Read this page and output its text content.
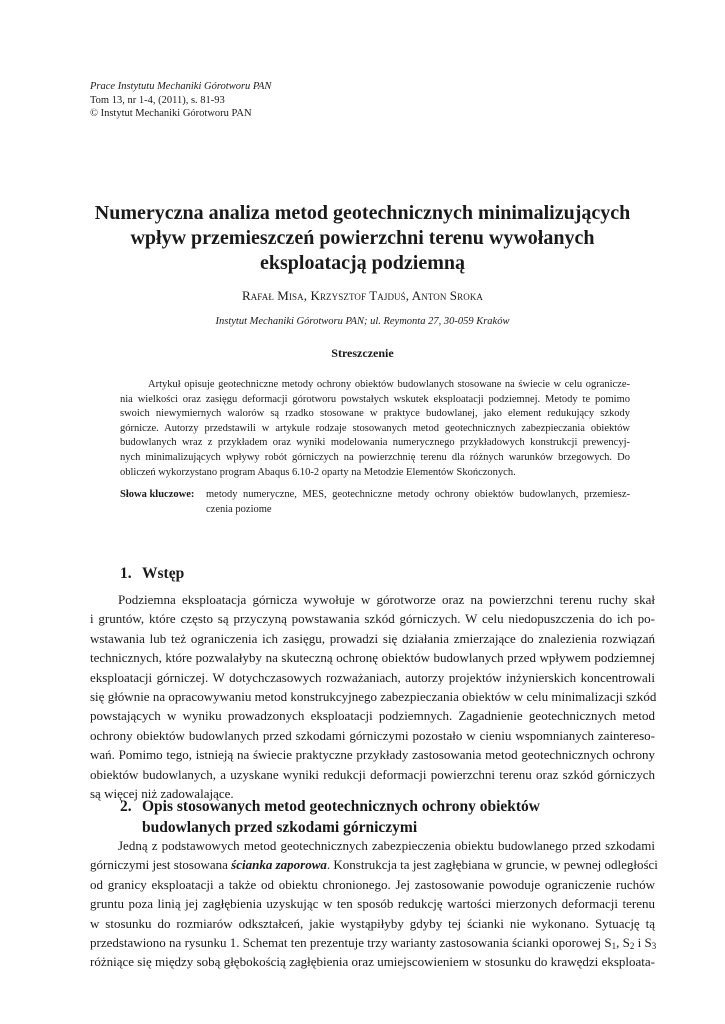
Prace Instytutu Mechaniki Górotworu PAN
Tom 13, nr 1-4, (2011), s. 81-93
© Instytut Mechaniki Górotworu PAN
Numeryczna analiza metod geotechnicznych minimalizujących
wpływ przemieszczeń powierzchni terenu wywołanych
eksploatacją podziemną
Rafał Misa, Krzysztof Tajduś, Anton Sroka
Instytut Mechaniki Górotworu PAN; ul. Reymonta 27, 30-059 Kraków
Streszczenie
Artykuł opisuje geotechniczne metody ochrony obiektów budowlanych stosowane na świecie w celu ogranicze-
nia wielkości oraz zasięgu deformacji górotworu powstałych wskutek eksploatacji podziemnej. Metody te pomimo
swoich niewymiernych walorów są rzadko stosowane w praktyce budowlanej, jako element redukujący szkody
górnicze. Autorzy przedstawili w artykule rodzaje stosowanych metod geotechnicznych zabezpieczania obiektów
budowlanych wraz z przykładem oraz wyniki modelowania numerycznego przykładowych konstrukcji prewencyj-
nych minimalizujących wpływy robót górniczych na powierzchnię terenu dla różnych warunków brzegowych. Do
obliczeń wykorzystano program Abaqus 6.10-2 oparty na Metodzie Elementów Skończonych.
Słowa kluczowe: metody numeryczne, MES, geotechniczne metody ochrony obiektów budowlanych, przemiesz-
czenia poziome
1. Wstęp
Podziemna eksploatacja górnicza wywołuje w górotworze oraz na powierzchni terenu ruchy skał
i gruntów, które często są przyczyną powstawania szkód górniczych. W celu niedopuszczenia do ich po-
wstawania lub też ograniczenia ich zasięgu, prowadzi się działania zmierzające do znalezienia rozwiązań
technicznych, które pozwalałyby na skuteczną ochronę obiektów budowlanych przed wpływem podziemnej
eksploatacji górniczej. W dotychczasowych rozważaniach, autorzy projektów inżynierskich koncentrowali
się głównie na opracowywaniu metod konstrukcyjnego zabezpieczania obiektów w celu minimalizacji szkód
powstających w wyniku prowadzonych eksploatacji podziemnych. Zagadnienie geotechnicznych metod
ochrony obiektów budowlanych przed szkodami górniczymi pozostało w cieniu wspomnianych zaintereso-
wań. Pomimo tego, istnieją na świecie praktyczne przykłady zastosowania metod geotechnicznych ochrony
obiektów budowlanych, a uzyskane wyniki redukcji deformacji powierzchni terenu oraz szkód górniczych
są więcej niż zadowalające.
2. Opis stosowanych metod geotechnicznych ochrony obiektów
budowlanych przed szkodami górniczymi
Jedną z podstawowych metod geotechnicznych zabezpieczenia obiektu budowlanego przed szkodami
górniczymi jest stosowana ścianka zaporowa. Konstrukcja ta jest zagłębiana w gruncie, w pewnej odległości
od granicy eksploatacji a także od obiektu chronionego. Jej zastosowanie powoduje ograniczenie ruchów
gruntu poza linią jej zagłębienia uzyskując w ten sposób redukcję wartości mierzonych deformacji terenu
w stosunku do rozmiarów odkształceń, jakie wystąpiłyby gdyby tej ścianki nie wykonano. Sytuację tą
przedstawiono na rysunku 1. Schemat ten prezentuje trzy warianty zastosowania ścianki oporowej $S_1$, $S_2$ i $S_3$
różniące się między sobą głębokością zagłębienia oraz umiejscowieniem w stosunku do krawędzi eksploata-
